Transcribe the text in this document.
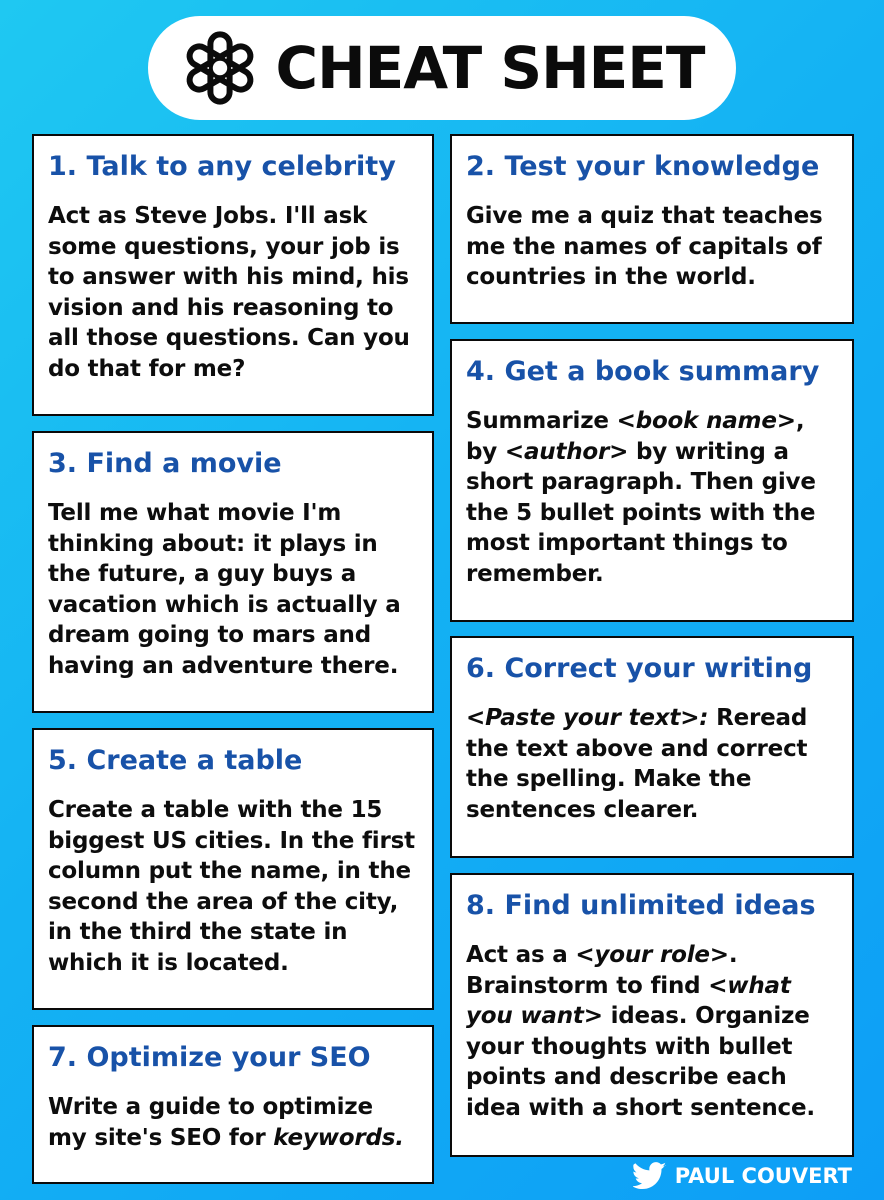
CHEAT SHEET
1. Talk to any celebrity

Act as Steve Jobs. I'll ask some questions, your job is to answer with his mind, his vision and his reasoning to all those questions. Can you do that for me?

2. Test your knowledge

Give me a quiz that teaches me the names of capitals of countries in the world.

3. Find a movie

Tell me what movie I'm thinking about: it plays in the future, a guy buys a vacation which is actually a dream going to mars and having an adventure there.

4. Get a book summary

Summarize <book name>, by <author> by writing a short paragraph. Then give the 5 bullet points with the most important things to remember.

5. Create a table

Create a table with the 15 biggest US cities. In the first column put the name, in the second the area of the city, in the third the state in which it is located.

6. Correct your writing

<Paste your text>: Reread the text above and correct the spelling. Make the sentences clearer.

7. Optimize your SEO

Write a guide to optimize my site's SEO for keywords.

8. Find unlimited ideas

Act as a <your role>. Brainstorm to find <what you want> ideas. Organize your thoughts with bullet points and describe each idea with a short sentence.

PAUL COUVERT
